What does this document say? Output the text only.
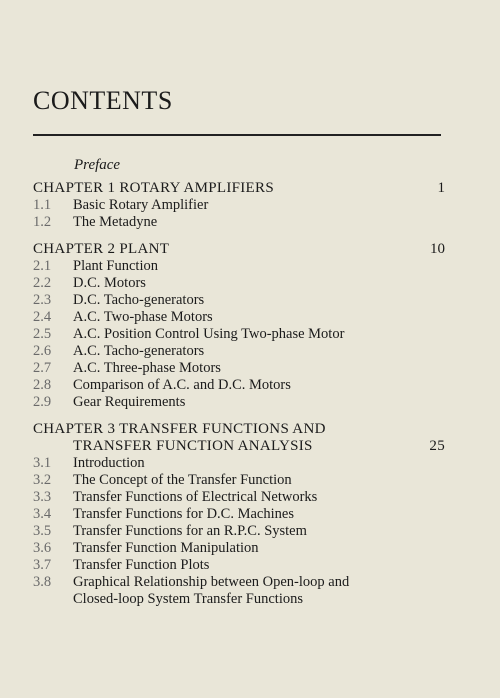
CONTENTS
Preface
CHAPTER 1 ROTARY AMPLIFIERS	1
1.1	Basic Rotary Amplifier
1.2	The Metadyne
CHAPTER 2 PLANT	10
2.1	Plant Function
2.2	D.C. Motors
2.3	D.C. Tacho-generators
2.4	A.C. Two-phase Motors
2.5	A.C. Position Control Using Two-phase Motor
2.6	A.C. Tacho-generators
2.7	A.C. Three-phase Motors
2.8	Comparison of A.C. and D.C. Motors
2.9	Gear Requirements
CHAPTER 3 TRANSFER FUNCTIONS AND
TRANSFER FUNCTION ANALYSIS	25
3.1	Introduction
3.2	The Concept of the Transfer Function
3.3	Transfer Functions of Electrical Networks
3.4	Transfer Functions for D.C. Machines
3.5	Transfer Functions for an R.P.C. System
3.6	Transfer Function Manipulation
3.7	Transfer Function Plots
3.8	Graphical Relationship between Open-loop and
Closed-loop System Transfer Functions
